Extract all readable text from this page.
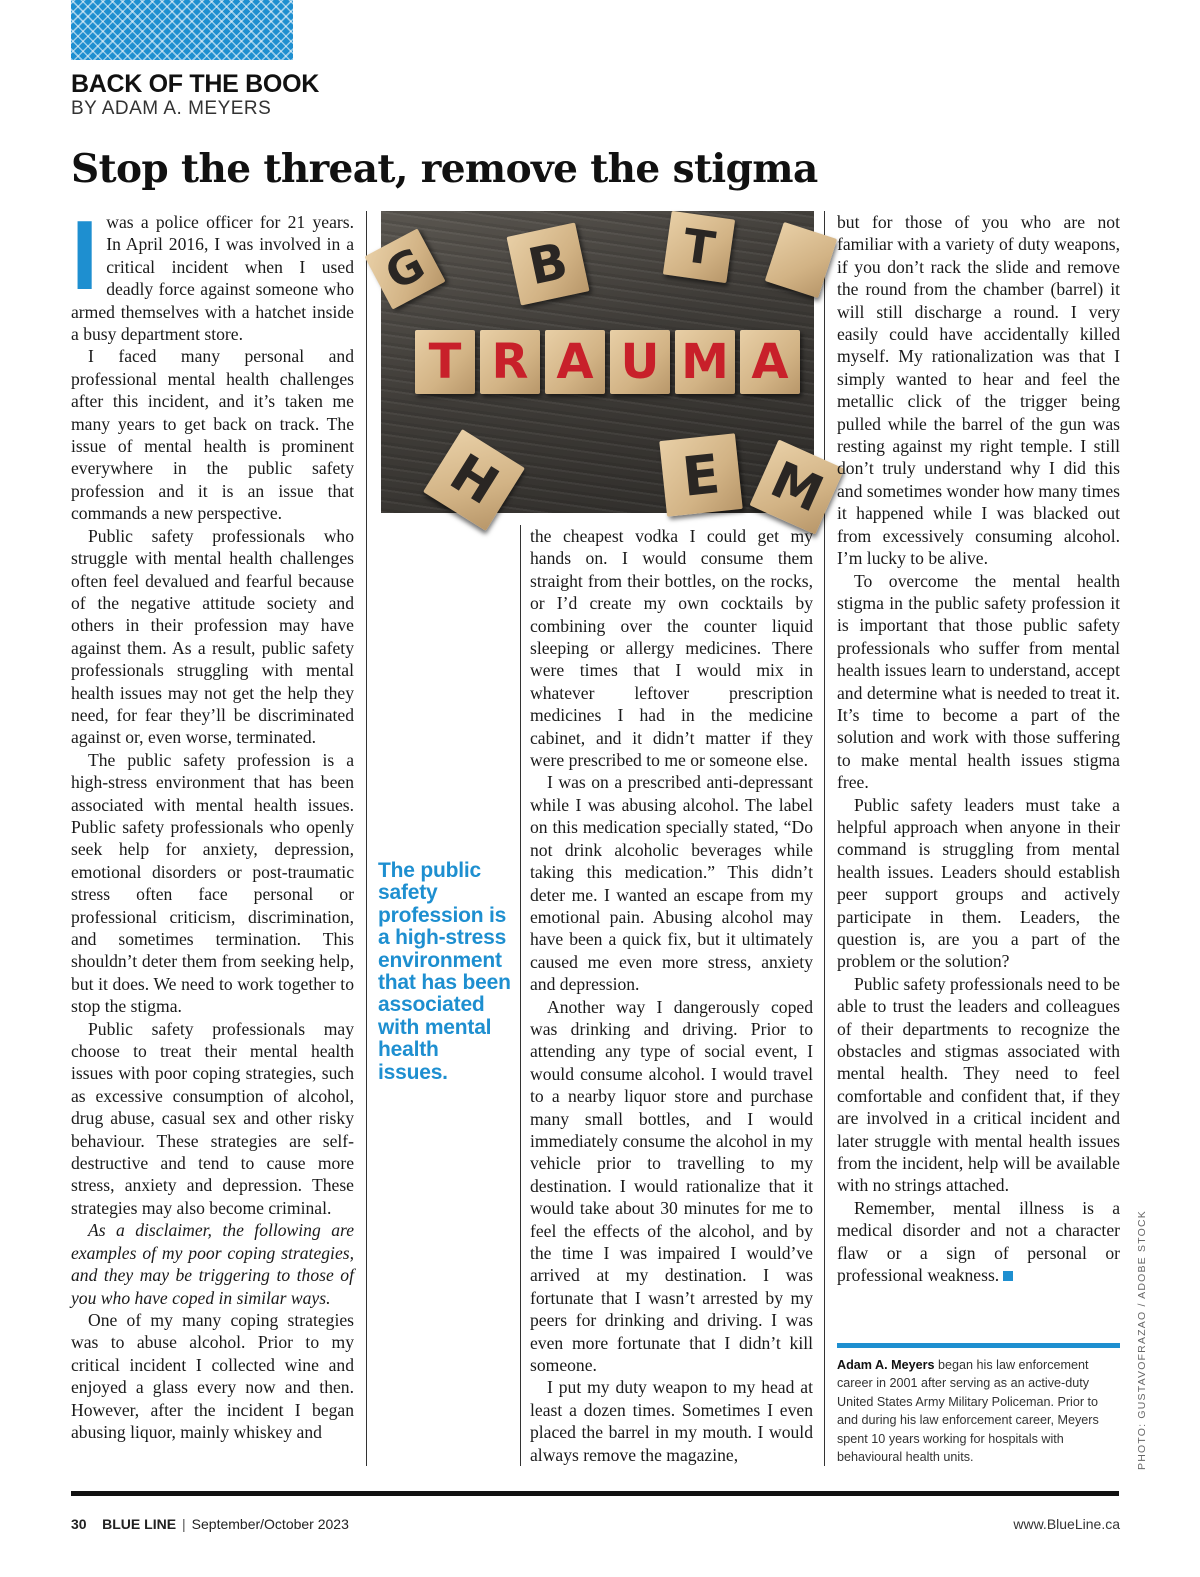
BACK OF THE BOOK
BY ADAM A. MEYERS
Stop the threat, remove the stigma

Iwas a police officer for 21 years. In April 2016, I was involved in a critical incident when I used deadly force against someone who armed themselves with a hatchet inside a busy department store.

I faced many personal and professional mental health challenges after this incident, and it’s taken me many years to get back on track. The issue of mental health is prominent everywhere in the public safety profession and it is an issue that commands a new perspective.

Public safety professionals who struggle with mental health challenges often feel devalued and fearful because of the negative attitude society and others in their profession may have against them. As a result, public safety professionals struggling with mental health issues may not get the help they need, for fear they’ll be discriminated against or, even worse, terminated.

The public safety profession is a high-stress environment that has been associated with mental health issues. Public safety professionals who openly seek help for anxiety, depression, emotional disorders or post-traumatic stress often face personal or professional criticism, discrimination, and sometimes termination. This shouldn’t deter them from seeking help, but it does. We need to work together to stop the stigma.

Public safety professionals may choose to treat their mental health issues with poor coping strategies, such as excessive consumption of alcohol, drug abuse, casual sex and other risky behaviour. These strategies are self-destructive and tend to cause more stress, anxiety and depression. These strategies may also become criminal.

As a disclaimer, the following are examples of my poor coping strategies, and they may be triggering to those of you who have coped in similar ways.

One of my many coping strategies was to abuse alcohol. Prior to my critical incident I collected wine and enjoyed a glass every now and then. However, after the incident I began abusing liquor, mainly whiskey and

G B T
T R A U M A
H	E M
The public safety profession is a high-stress environment that has been associated with mental health issues.

the cheapest vodka I could get my hands on. I would consume them straight from their bottles, on the rocks, or I’d create my own cocktails by combining over the counter liquid sleeping or allergy medicines. There were times that I would mix in whatever leftover prescription medicines I had in the medicine cabinet, and it didn’t matter if they were prescribed to me or someone else.

I was on a prescribed anti-depressant while I was abusing alcohol. The label on this medication specially stated, “Do not drink alcoholic beverages while taking this medication.” This didn’t deter me. I wanted an escape from my emotional pain. Abusing alcohol may have been a quick fix, but it ultimately caused me even more stress, anxiety and depression.

Another way I dangerously coped was drinking and driving. Prior to attending any type of social event, I would consume alcohol. I would travel to a nearby liquor store and purchase many small bottles, and I would immediately consume the alcohol in my vehicle prior to travelling to my destination. I would rationalize that it would take about 30 minutes for me to feel the effects of the alcohol, and by the time I was impaired I would’ve arrived at my destination. I was fortunate that I wasn’t arrested by my peers for drinking and driving. I was even more fortunate that I didn’t kill someone.

I put my duty weapon to my head at least a dozen times. Sometimes I even placed the barrel in my mouth. I would always remove the magazine,

but for those of you who are not familiar with a variety of duty weapons, if you don’t rack the slide and remove the round from the chamber (barrel) it will still discharge a round. I very easily could have accidentally killed myself. My rationalization was that I simply wanted to hear and feel the metallic click of the trigger being pulled while the barrel of the gun was resting against my right temple. I still don’t truly understand why I did this and sometimes wonder how many times it happened while I was blacked out from excessively consuming alcohol. I’m lucky to be alive.

To overcome the mental health stigma in the public safety profession it is important that those public safety professionals who suffer from mental health issues learn to understand, accept and determine what is needed to treat it. It’s time to become a part of the solution and work with those suffering to make mental health issues stigma free.

Public safety leaders must take a helpful approach when anyone in their command is struggling from mental health issues. Leaders should establish peer support groups and actively participate in them. Leaders, the question is, are you a part of the problem or the solution?

Public safety professionals need to be able to trust the leaders and colleagues of their departments to recognize the obstacles and stigmas associated with mental health. They need to feel comfortable and confident that, if they are involved in a critical incident and later struggle with mental health issues from the incident, help will be available with no strings attached.

Remember, mental illness is a medical disorder and not a character flaw or a sign of personal or professional weakness.

Adam A. Meyers began his law enforcement career in 2001 after serving as an active-duty United States Army Military Policeman. Prior to and during his law enforcement career, Meyers spent 10 years working for hospitals with behavioural health units.	PHOTO: GUSTAVOFRAZAO / ADOBE STOCK
30 BLUE LINE | September/October 2023	www.BlueLine.ca
